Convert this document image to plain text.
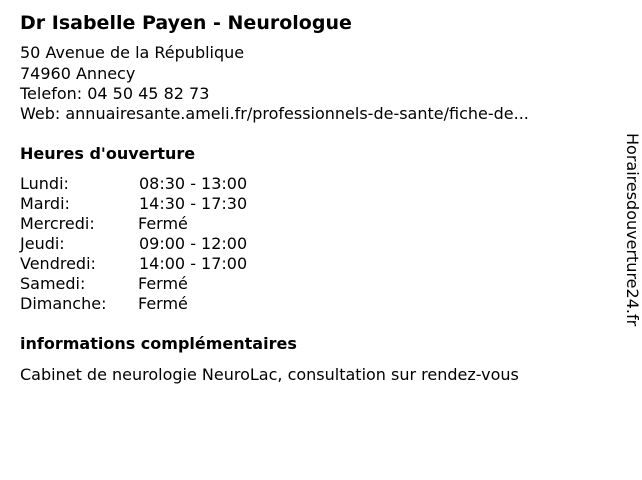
Dr Isabelle Payen - Neurologue
50 Avenue de la République
74960 Annecy
Telefon: 04 50 45 82 73
Web: annuairesante.ameli.fr/professionnels-de-sante/fiche-de...
Heures d'ouverture
Lundi:	08:30 - 13:00
Mardi:	14:30 - 17:30
Mercredi:	Fermé
Jeudi:	09:00 - 12:00
Vendredi:	14:00 - 17:00
Samedi:	Fermé
Dimanche: Fermé
informations complémentaires
Cabinet de neurologie NeuroLac, consultation sur rendez-vous
Horairesdouverture24.fr
